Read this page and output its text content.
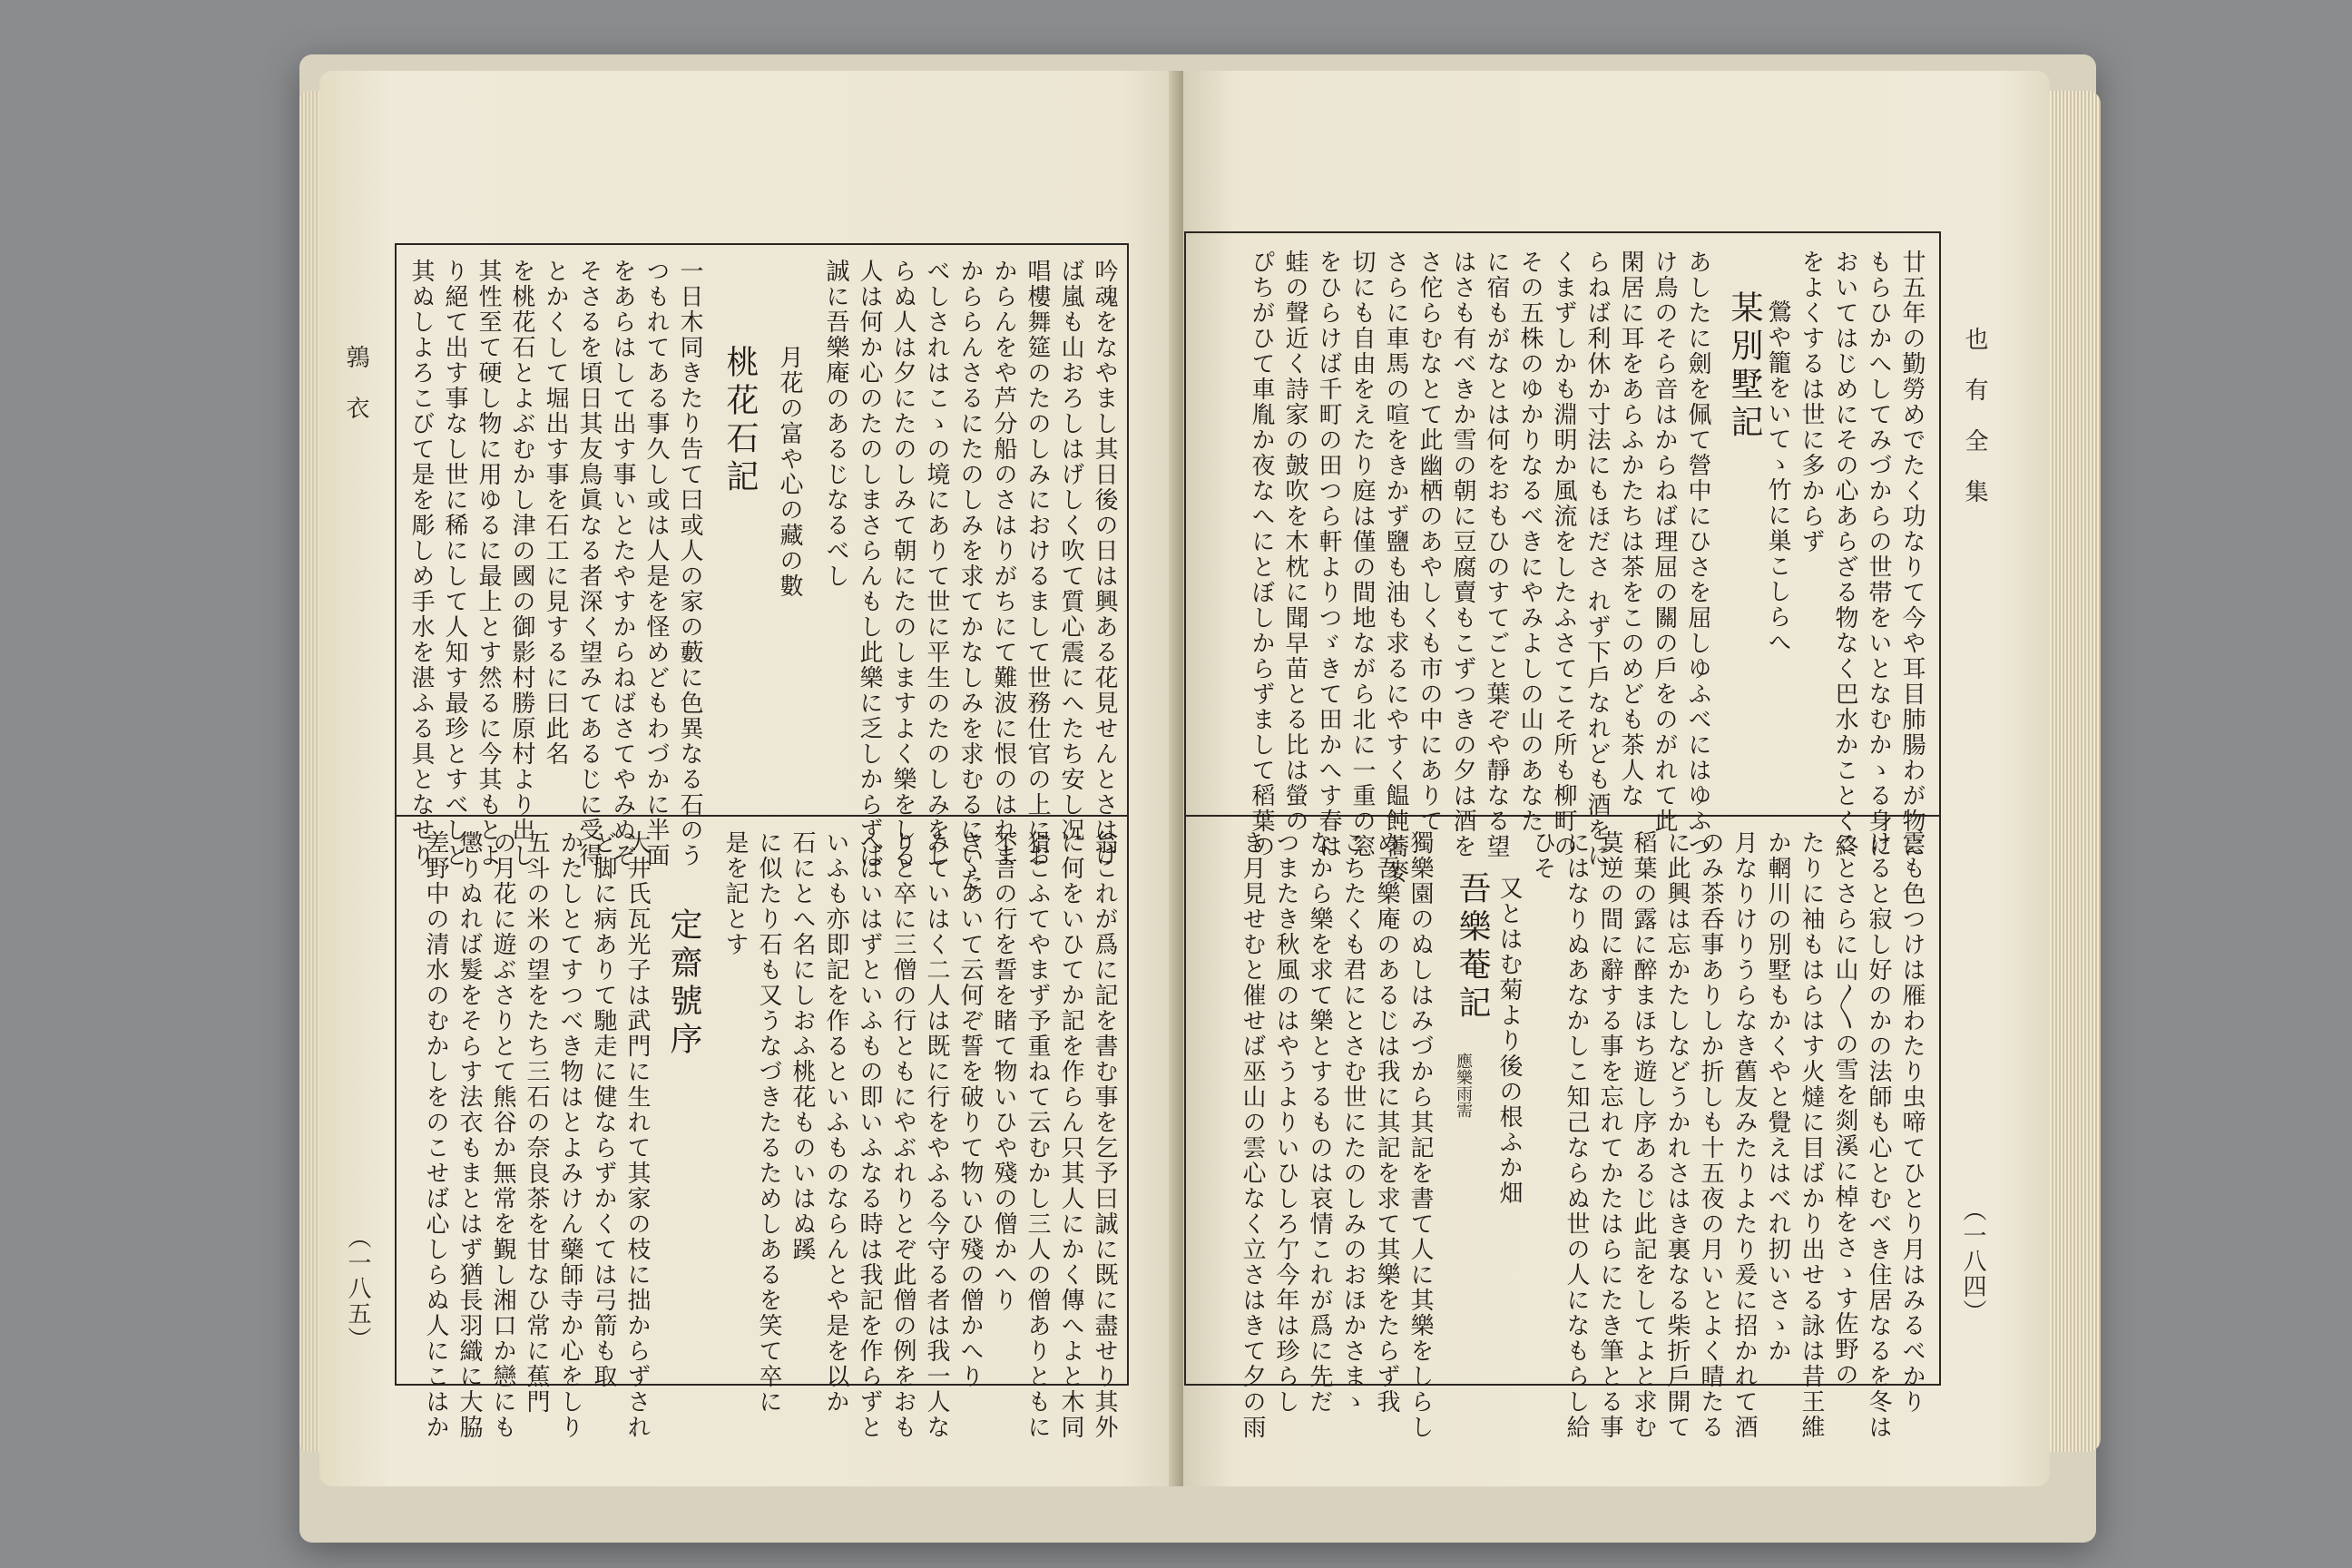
鶉衣
（一八五）
吟魂をなやまし其日後の日は興ある花見せんとさはけ
ば嵐も山おろしはげしく吹て質心震にへたち安し况
唱樓舞筵のたのしみにおけるまして世務仕官の上にお
からんをや芦分船のさはりがちにて難波に恨のはれま
かららんさるにたのしみを求てかなしみを求むるにいた
べしされはこゝの境にありて世に平生のたのしみをし
らぬ人は夕にたのしみて朝にたのしますよく樂をしる
人は何か心のたのしまさらんもし此樂に乏しからずば
誠に吾樂庵のあるじなるべし
月花の富や心の藏の數
桃花石記
一日木同きたり告て曰或人の家の藪に色異なる石のう
つもれてある事久し或は人是を怪めどもわづかに半面
をあらはして出す事いとたやすからねばさてやみぬぞ
そさるを頃日其友鳥眞なる者深く望みてあるじに受得
とかくして堀出す事を石工に見するに曰此名
を桃花石とよぶむかし津の國の御影村勝原村より出し
其性至て硬し物に用ゆるに最上とす然るに今其もとよ
り絕て出す事なし世に稀にして人知す最珍とすべしと
其ぬしよろこびて是を彫しめ手水を湛ふる具となせり
翁これが爲に記を書む事を乞予曰誠に既に盡せり其外
に何をいひてか記を作らん只其人にかく傳へよと木同
猾こふてやまず予重ねて云むかし三人の僧ありともに
不言の行を誓を睹て物いひや殘の僧かへり
きゝあいて云何ぞ誓を破りて物いひ殘の僧かへり
みていはく二人は既に行をやふる今守る者は我一人な
りと卒に三僧の行ともにやぶれりとぞ此僧の例をおも
へばいはずといふもの即いふなる時は我記を作らずと
いふも亦即記を作るといふものならんとや是を以か
石にとへ名にしおふ桃花ものいはぬ蹊
に似たり石も又うなづきたるためしあるを笑て卒に
是を記とす
定齋號序
大井氏瓦光子は武門に生れて其家の枝に拙からずされ
ど脚に病ありて馳走に健ならずかくては弓箭も取
かたしとてすつべき物はとよみけん藥師寺か心をしり
五斗の米の望をたち三石の奈良茶を甘なひ常に蕉門
の月花に遊ぶさりとて熊谷か無常を覲し湘口か戀にも
懲りぬれば髮をそらす法衣もまとはず猶長羽織に大脇
差野中の清水のむかしをのこせば心しらぬ人にこはか
也有全集
（一八四）
廿五年の勤勞めでたく功なりて今や耳目肺腸わが物に
もらひかへしてみづからの世帯をいとなむかゝる身に
おいてはじめにその心あらざる物なく巴水かことく終
をよくするは世に多からず
鶯や籠をいてゝ竹に巣こしらへ
某別墅記
あしたに劍を佩て營中にひさを屈しゆふべにはゆふつ
け鳥のそら音はからねば理屈の關の戶をのがれて此
閑居に耳をあらふかたちは茶をこのめども茶人な
らねば利休か寸法にもほださ れず下戶なれども酒をに
くまずしかも淵明か風流をしたふさてこそ所も柳町の
その五株のゆかりなるべきにやみよしの山のあなた
に宿もがなとは何をおもひのすてごと葉ぞや靜なる望
はさも有べきか雪の朝に豆腐賣もこずつきの夕は酒を
さ佗らむなとて此幽栖のあやしくも市の中にありて
さらに車馬の喧をきかず鹽も油も求るにやすく饂飩蕎麥
切にも自由をえたり庭は僅の間地ながら北に一重の窓
をひらけば千町の田つら軒よりつゞきて田かへす春は
蛙の聲近く詩家の皷吹を木枕に聞早苗とる比は螢の
ぴちがひて車胤か夜なへにとぼしからずまして稻葉の
雲も色つけは雁わたり虫啼てひとり月はみるべかり
けると寂し好のかの法師も心とむべき住居なるを冬は
ことさらに山〳〵の雪を剡溪に棹をさゝす佐野の
たりに袖もはらはす火燵に目ばかり出せる詠は昔王維
か輞川の別墅もかくやと覺えはべれ扨いさゝか
月なりけりうらなき舊友みたりよたり爰に招かれて酒
のみ茶呑事ありしか折しも十五夜の月いとよく晴たる
に此興は忘かたしなどうかれさはき裏なる柴折戶開て
稻葉の露に醉まほち遊し序あるじ此記をしてよと求む
莫逆の間に辭する事を忘れてかたはらにたき筆とる事
にはなりぬあなかしこ知己ならぬ世の人になもらし給
ひそ
又とはむ菊より後の根ふか畑
吾樂菴記
應樂雨需
獨樂園のぬしはみづから其記を書て人に其樂をしらし
め吾樂庵のあるじは我に其記を求て其樂をたらず我
こちたくも君にとさむ世にたのしみのおほかさまゝ
なから樂を求て樂とするものは哀情これが爲に先だ
つまたき秋風のはやうよりいひしろ亇今年は珍らし
き月見せむと催せば巫山の雲心なく立さはきて夕の雨
